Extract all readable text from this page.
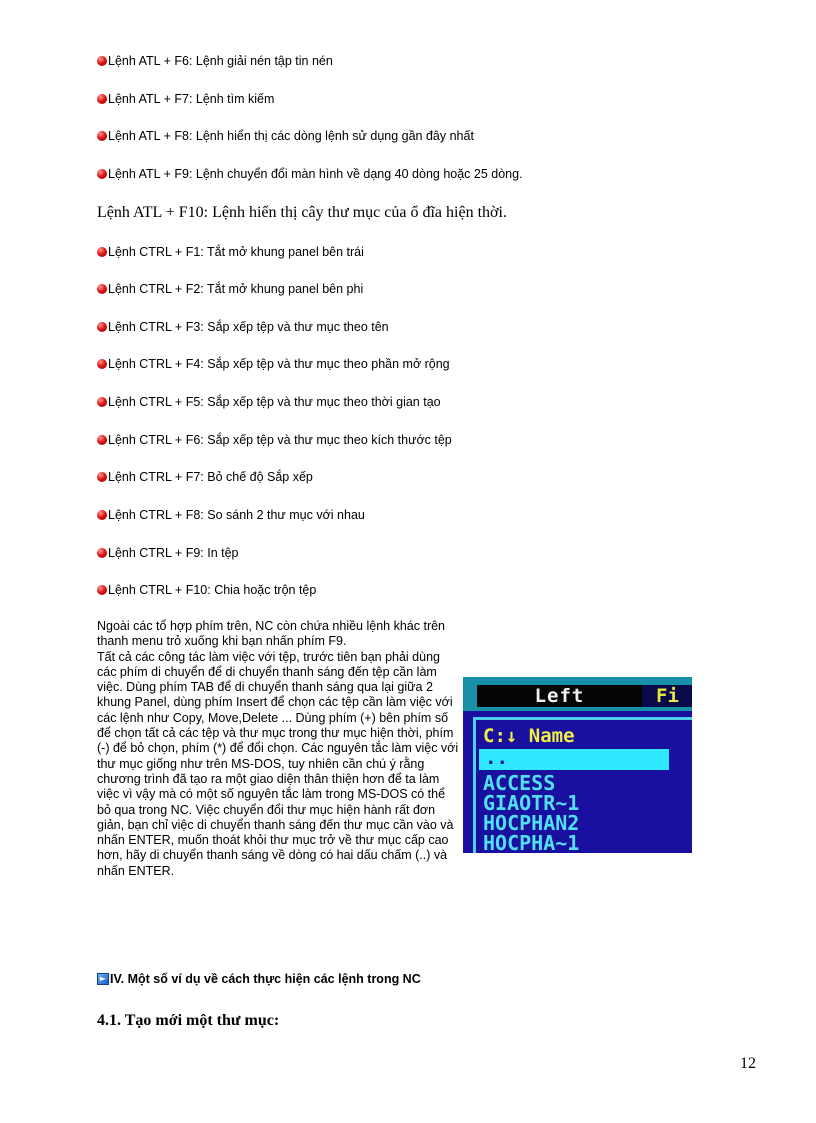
Lệnh ATL + F6: Lệnh giải nén tập tin nén
Lệnh ATL + F7: Lệnh tìm kiếm
Lệnh ATL + F8: Lệnh hiển thị các dòng lệnh sử dụng gần đây nhất
Lệnh ATL + F9: Lệnh chuyển đổi màn hình về dạng 40 dòng hoặc 25 dòng.
Lệnh ATL + F10: Lệnh hiển thị cây thư mục của ổ đĩa hiện thời.
Lệnh CTRL + F1: Tắt mở khung panel bên trái
Lệnh CTRL + F2: Tắt mở khung panel bên phi
Lệnh CTRL + F3: Sắp xếp tệp và thư mục theo tên
Lệnh CTRL + F4: Sắp xếp tệp và thư mục theo phần mở rộng
Lệnh CTRL + F5: Sắp xếp tệp và thư mục theo thời gian tạo
Lệnh CTRL + F6: Sắp xếp tệp và thư mục theo kích thước tệp
Lệnh CTRL + F7: Bỏ chế độ Sắp xếp
Lệnh CTRL + F8: So sánh 2 thư mục với nhau
Lệnh CTRL + F9: In tệp
Lệnh CTRL + F10: Chia hoặc trộn tệp

Ngoài các tổ hợp phím trên, NC còn chứa nhiều lệnh khác trên thanh menu trỏ xuống khi bạn nhấn phím F9.

Tất cả các công tác làm việc với tệp, trước tiên bạn phải dùng các phím di chuyển để di chuyển thanh sáng đến tệp cần làm việc. Dùng phím TAB để di chuyển thanh sáng qua lại giữa 2 khung Panel, dùng phím Insert để chọn các tệp cần làm việc với các lệnh như Copy, Move,Delete ... Dùng phím (+) bên phím số để chọn tất cả các tệp và thư mục trong thư mục hiện thời, phím (-) để bỏ chọn, phím (*) để đổi chọn. Các nguyên tắc làm việc với thư mục giống như trên MS-DOS, tuy nhiên cần chú ý rằng chương trình đã tạo ra một giao diện thân thiện hơn để ta làm việc vì vậy mà có một số nguyên tắc làm trong MS-DOS có thể bỏ qua trong NC. Việc chuyển đổi thư mục hiện hành rất đơn giản, bạn chỉ việc di chuyển thanh sáng đến thư mục cần vào và nhấn ENTER, muốn thoát khỏi thư mục trở về thư mục cấp cao hơn, hãy di chuyển thanh sáng về dòng có hai dấu chấm (..) và nhấn ENTER.

Left	Fi
C:↓ Name
..
ACCESS
GIAOTR~1
HOCPHAN2
HOCPHA~1
► IV. Một số ví dụ về cách thực hiện các lệnh trong NC
4.1. Tạo mới một thư mục:
12
